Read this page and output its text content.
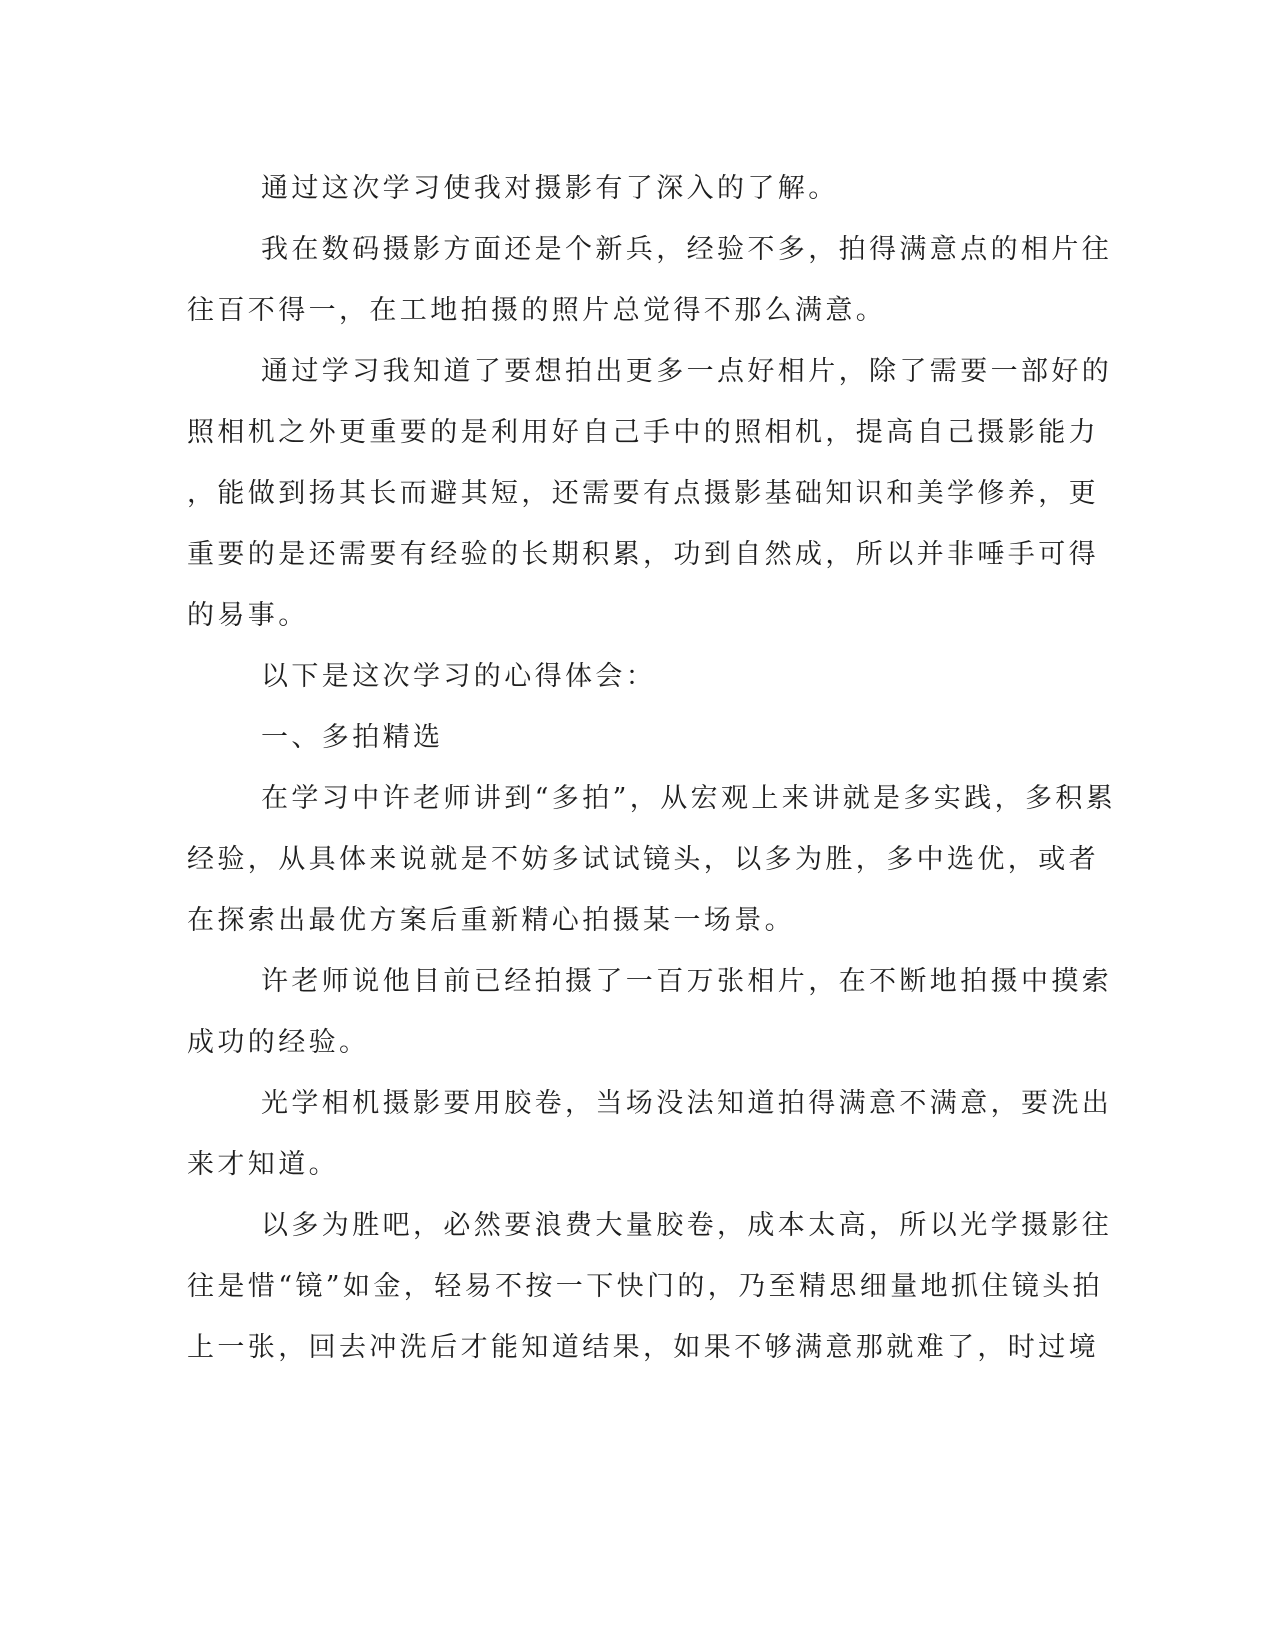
通过这次学习使我对摄影有了深入的了解。
我在数码摄影方面还是个新兵，经验不多，拍得满意点的相片往
往百不得一，在工地拍摄的照片总觉得不那么满意。
通过学习我知道了要想拍出更多一点好相片，除了需要一部好的
照相机之外更重要的是利用好自己手中的照相机，提高自己摄影能力
，能做到扬其长而避其短，还需要有点摄影基础知识和美学修养，更
重要的是还需要有经验的长期积累，功到自然成，所以并非唾手可得
的易事。
以下是这次学习的心得体会：
一、多拍精选
在学习中许老师讲到“多拍”，从宏观上来讲就是多实践，多积累
经验，从具体来说就是不妨多试试镜头，以多为胜，多中选优，或者
在探索出最优方案后重新精心拍摄某一场景。
许老师说他目前已经拍摄了一百万张相片，在不断地拍摄中摸索
成功的经验。
光学相机摄影要用胶卷，当场没法知道拍得满意不满意，要洗出
来才知道。
以多为胜吧，必然要浪费大量胶卷，成本太高，所以光学摄影往
往是惜“镜”如金，轻易不按一下快门的，乃至精思细量地抓住镜头拍
上一张，回去冲洗后才能知道结果，如果不够满意那就难了，时过境
